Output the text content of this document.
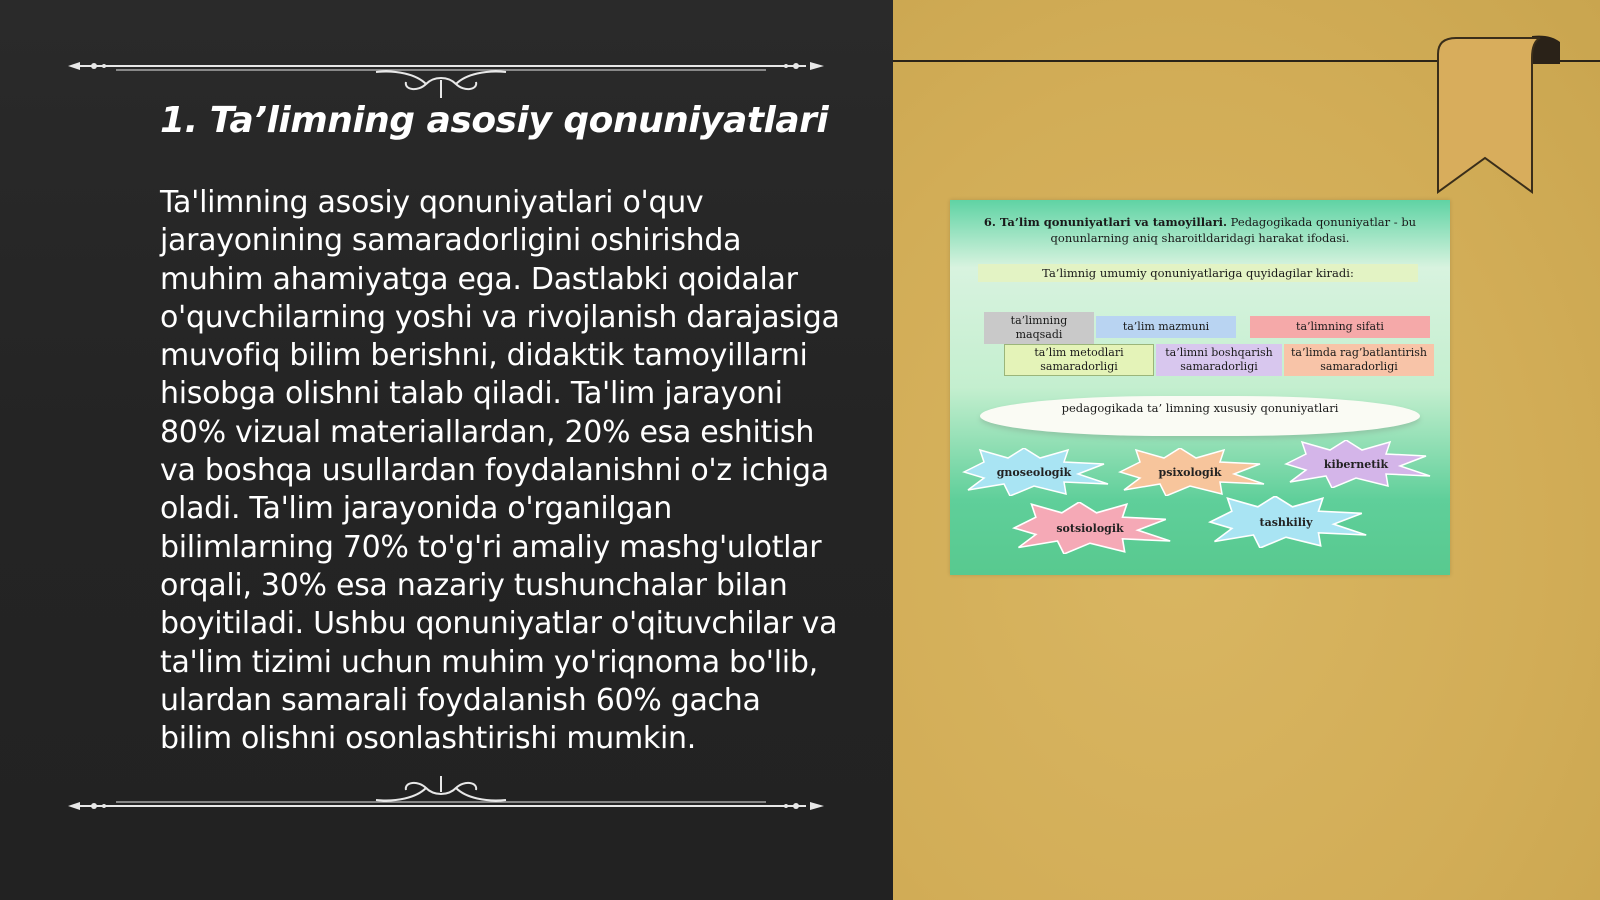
1. Ta’limning asosiy qonuniyatlari

Ta'limning asosiy qonuniyatlari o'quv jarayonining samaradorligini oshirishda muhim ahamiyatga ega. Dastlabki qoidalar o'quvchilarning yoshi va rivojlanish darajasiga muvofiq bilim berishni, didaktik tamoyillarni hisobga olishni talab qiladi. Ta'lim jarayoni 80% vizual materiallardan, 20% esa eshitish va boshqa usullardan foydalanishni o'z ichiga oladi. Ta'lim jarayonida o'rganilgan bilimlarning 70% to'g'ri amaliy mashg'ulotlar orqali, 30% esa nazariy tushunchalar bilan boyitiladi. Ushbu qonuniyatlar o'qituvchilar va ta'lim tizimi uchun muhim yo'riqnoma bo'lib, ulardan samarali foydalanish 60% gacha bilim olishni osonlashtirishi mumkin.

6. Ta’lim qonuniyatlari va tamoyillari. Pedagogikada qonuniyatlar - bu qonunlarning aniq sharoitldaridagi harakat ifodasi.
Ta’limnig umumiy qonuniyatlariga quyidagilar kiradi:
ta’limning maqsadi
ta’lim mazmuni	ta’limning sifati
ta’lim metodlari samaradorligi
ta’limni boshqarish samaradorligi
ta’limda rag’batlantirish samaradorligi
pedagogikada ta’ limning xususiy qonuniyatlari
gnoseologik	psixologik
kibernetik
sotsiologik	tashkiliy
